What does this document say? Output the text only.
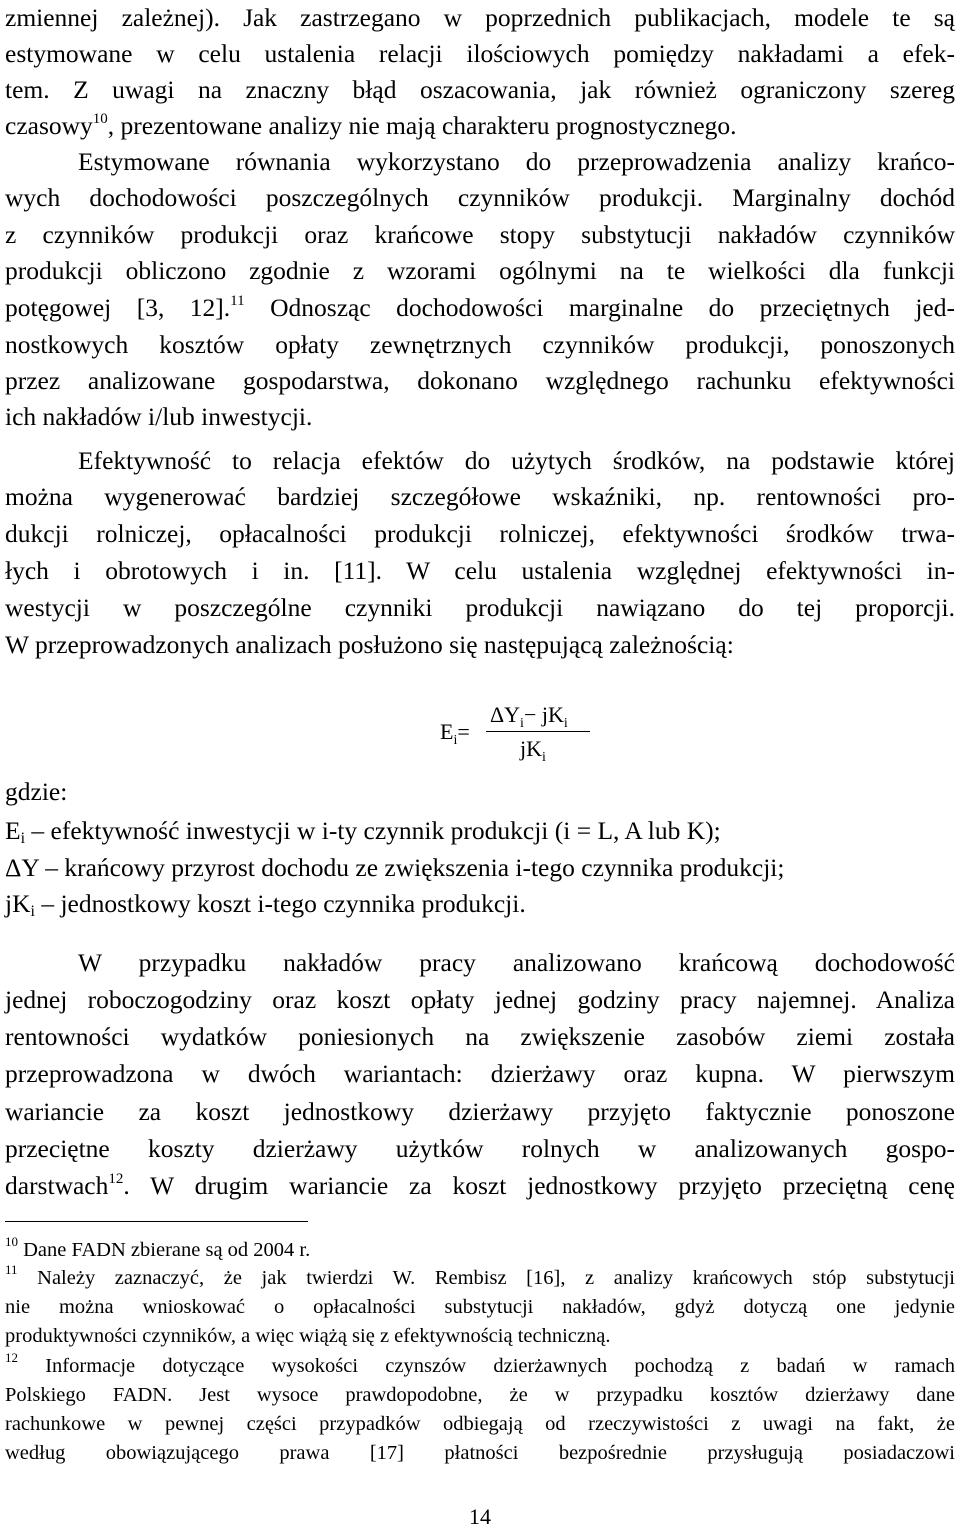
zmiennej zależnej). Jak zastrzegano w poprzednich publikacjach, modele te są
estymowane w celu ustalenia relacji ilościowych pomiędzy nakładami a efek-
tem. Z uwagi na znaczny błąd oszacowania, jak również ograniczony szereg
czasowy$^{10}$, prezentowane analizy nie mają charakteru prognostycznego.
Estymowane równania wykorzystano do przeprowadzenia analizy krańco-
wych dochodowości poszczególnych czynników produkcji. Marginalny dochód
z czynników produkcji oraz krańcowe stopy substytucji nakładów czynników
produkcji obliczono zgodnie z wzorami ogólnymi na te wielkości dla funkcji
potęgowej [3, 12].$^{11}$ Odnosząc dochodowości marginalne do przeciętnych jed-
nostkowych kosztów opłaty zewnętrznych czynników produkcji, ponoszonych
przez analizowane gospodarstwa, dokonano względnego rachunku efektywności
ich nakładów i/lub inwestycji.
Efektywność to relacja efektów do użytych środków, na podstawie której
można wygenerować bardziej szczegółowe wskaźniki, np. rentowności pro-
dukcji rolniczej, opłacalności produkcji rolniczej, efektywności środków trwa-
łych i obrotowych i in. [11]. W celu ustalenia względnej efektywności in-
westycji w poszczególne czynniki produkcji nawiązano do tej proporcji.
W przeprowadzonych analizach posłużono się następującą zależnością:
$E_i=$
$\Delta Y_i- jK_i$
$jK_i$
gdzie:
$E_i$ – efektywność inwestycji w i-ty czynnik produkcji (i = L, A lub K);
ΔY – krańcowy przyrost dochodu ze zwiększenia i-tego czynnika produkcji;
$jK_i$ – jednostkowy koszt i-tego czynnika produkcji.
W przypadku nakładów pracy analizowano krańcową dochodowość
jednej roboczogodziny oraz koszt opłaty jednej godziny pracy najemnej. Analiza
rentowności wydatków poniesionych na zwiększenie zasobów ziemi została
przeprowadzona w dwóch wariantach: dzierżawy oraz kupna. W pierwszym
wariancie za koszt jednostkowy dzierżawy przyjęto faktycznie ponoszone
przeciętne koszty dzierżawy użytków rolnych w analizowanych gospo-
darstwach$^{12}$. W drugim wariancie za koszt jednostkowy przyjęto przeciętną cenę
$^{10}$ Dane FADN zbierane są od 2004 r.
$^{11}$ Należy zaznaczyć, że jak twierdzi W. Rembisz [16], z analizy krańcowych stóp substytucji
nie można wnioskować o opłacalności substytucji nakładów, gdyż dotyczą one jedynie
produktywności czynników, a więc wiążą się z efektywnością techniczną.
$^{12}$ Informacje dotyczące wysokości czynszów dzierżawnych pochodzą z badań w ramach
Polskiego FADN. Jest wysoce prawdopodobne, że w przypadku kosztów dzierżawy dane
rachunkowe w pewnej części przypadków odbiegają od rzeczywistości z uwagi na fakt, że
według obowiązującego prawa [17] płatności bezpośrednie przysługują posiadaczowi
14
